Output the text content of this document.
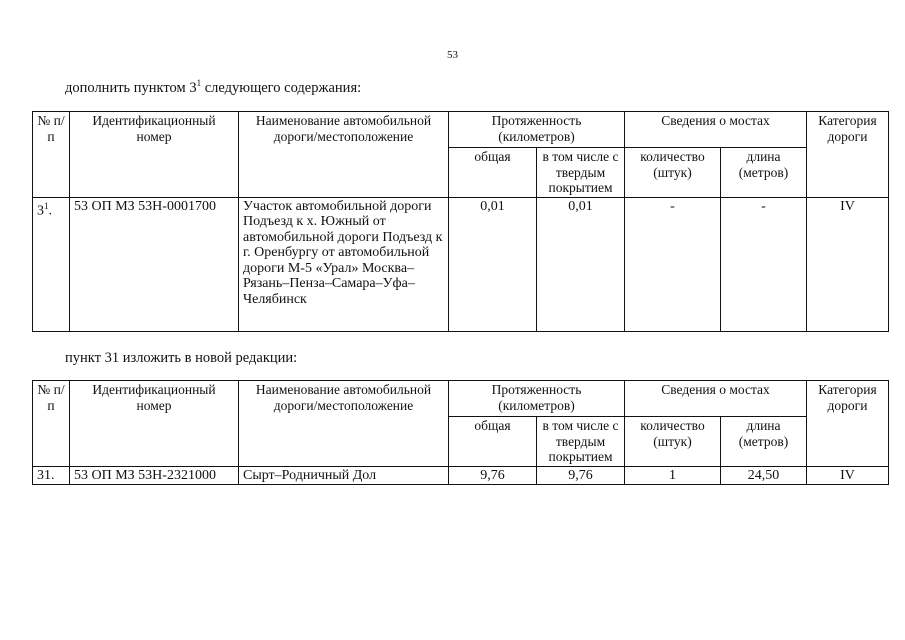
53
дополнить пунктом $3^1$ следующего содержания:
№ п/п	Идентификационный номер	Наименование автомобильной дороги/местоположение	Протяженность (километров)		Сведения о мостах		Категория дороги
			общая	в том числе с твердым покрытием	количество (штук)	длина (метров)	
$3^1$.	53 ОП МЗ 53Н-0001700	Участок автомобильной дороги Подъезд к х. Южный от автомобильной дороги Подъезд к г. Оренбургу от автомобильной дороги М-5 «Урал» Москва–Рязань–Пенза–Самара–Уфа–Челябинск	0,01	0,01	-	-	IV
пункт 31 изложить в новой редакции:
№ п/п	Идентификационный номер	Наименование автомобильной дороги/местоположение	Протяженность (километров)		Сведения о мостах		Категория дороги
			общая	в том числе с твердым покрытием	количество (штук)	длина (метров)	
31.	53 ОП МЗ 53Н-2321000	Сырт–Родничный Дол	9,76	9,76	1	24,50	IV
